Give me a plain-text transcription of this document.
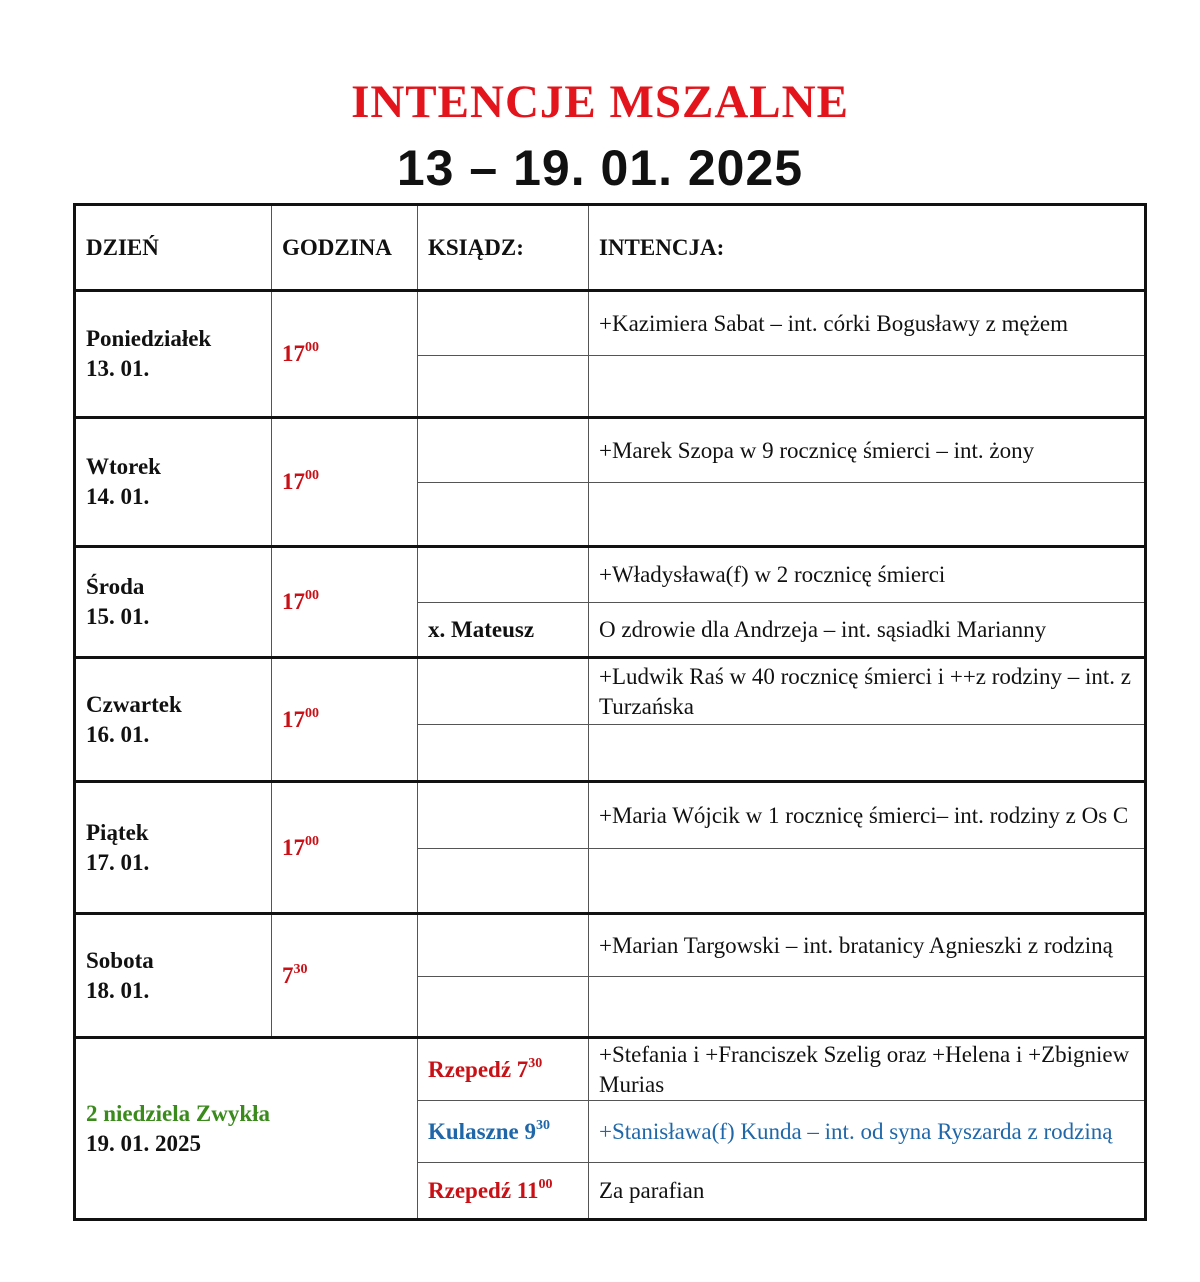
INTENCJE MSZALNE
13 – 19. 01. 2025
DZIEŃ	GODZINA	KSIĄDZ:	INTENCJA:

Poniedziałek
13. 01.	$17^{00}$		+Kazimiera Sabat – int. córki Bogusławy z mężem

Wtorek
14. 01.	$17^{00}$		+Marek Szopa w 9 rocznicę śmierci – int. żony

Środa
15. 01.	$17^{00}$		+Władysława(f) w 2 rocznicę śmierci
		x. Mateusz	O zdrowie dla Andrzeja – int. sąsiadki Marianny

Czwartek
16. 01.	$17^{00}$		+Ludwik Raś w 40 rocznicę śmierci i ++z rodziny – int. z Turzańska

Piątek
17. 01.	$17^{00}$		+Maria Wójcik w 1 rocznicę śmierci– int. rodziny z Os C

Sobota
18. 01.	$7^{30}$		+Marian Targowski – int. bratanicy Agnieszki z rodziną

2 niedziela Zwykła
19. 01. 2025		Rzepedź $7^{30}$	+Stefania i +Franciszek Szelig oraz +Helena i +Zbigniew Murias
		Kulaszne $9^{30}$	+Stanisława(f) Kunda – int. od syna Ryszarda z rodziną
		Rzepedź $11^{00}$	Za parafian
